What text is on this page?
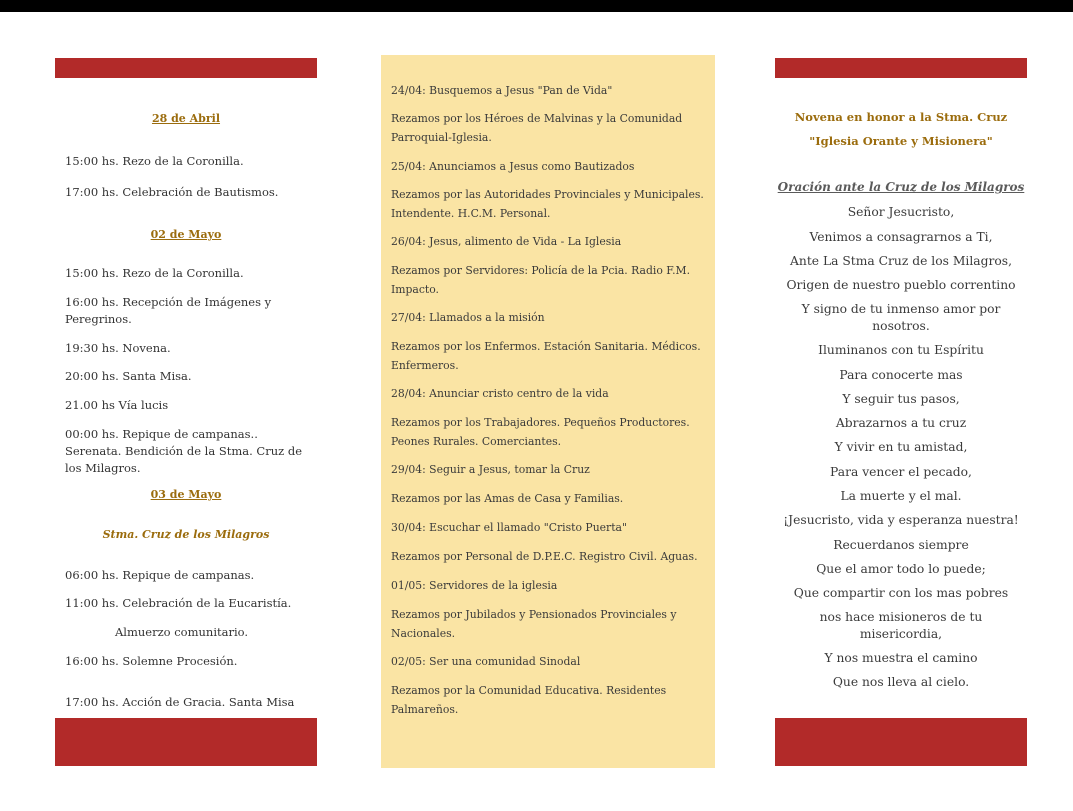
28 de Abril
15:00 hs. Rezo de la Coronilla.
17:00 hs. Celebración de Bautismos.
02 de Mayo
15:00 hs. Rezo de la Coronilla.
16:00 hs. Recepción de Imágenes y Peregrinos.
19:30 hs. Novena.
20:00 hs. Santa Misa.
21.00 hs Vía lucis
00:00 hs. Repique de campanas.. Serenata. Bendición de la Stma. Cruz de los Milagros.
03 de Mayo
Stma. Cruz de los Milagros
06:00 hs. Repique de campanas.
11:00 hs. Celebración de la Eucaristía.
Almuerzo comunitario.
16:00 hs. Solemne Procesión.
17:00 hs. Acción de Gracia. Santa Misa
24/04: Busquemos a Jesus "Pan de Vida"
Rezamos por los Héroes de Malvinas y la Comunidad Parroquial-Iglesia.
25/04: Anunciamos a Jesus como Bautizados
Rezamos por las Autoridades Provinciales y Municipales. Intendente. H.C.M. Personal.
26/04: Jesus, alimento de Vida - La Iglesia
Rezamos por Servidores: Policía de la Pcia. Radio F.M. Impacto.
27/04: Llamados a la misión
Rezamos por los Enfermos. Estación Sanitaria. Médicos. Enfermeros.
28/04: Anunciar cristo centro de la vida
Rezamos por los Trabajadores. Pequeños Productores. Peones Rurales. Comerciantes.
29/04: Seguir a Jesus, tomar la Cruz
Rezamos por las Amas de Casa y Familias.
30/04: Escuchar el llamado "Cristo Puerta"
Rezamos por Personal de D.P.E.C. Registro Civil. Aguas.
01/05: Servidores de la iglesia
Rezamos por Jubilados y Pensionados Provinciales y Nacionales.
02/05: Ser una comunidad Sinodal
Rezamos por la Comunidad Educativa. Residentes Palmareños.
Novena en honor a la Stma. Cruz
"Iglesia Orante y Misionera"
Oración ante la Cruz de los Milagros
Señor Jesucristo,
Venimos a consagrarnos a Ti,
Ante La Stma Cruz de los Milagros,
Origen de nuestro pueblo correntino
Y signo de tu inmenso amor por nosotros.
Iluminanos con tu Espíritu
Para conocerte mas
Y seguir tus pasos,
Abrazarnos a tu cruz
Y vivir en tu amistad,
Para vencer el pecado,
La muerte y el mal.
¡Jesucristo, vida y esperanza nuestra!
Recuerdanos siempre
Que el amor todo lo puede;
Que compartir con los mas pobres
nos hace misioneros de tu misericordia,
Y nos muestra el camino
Que nos lleva al cielo.
